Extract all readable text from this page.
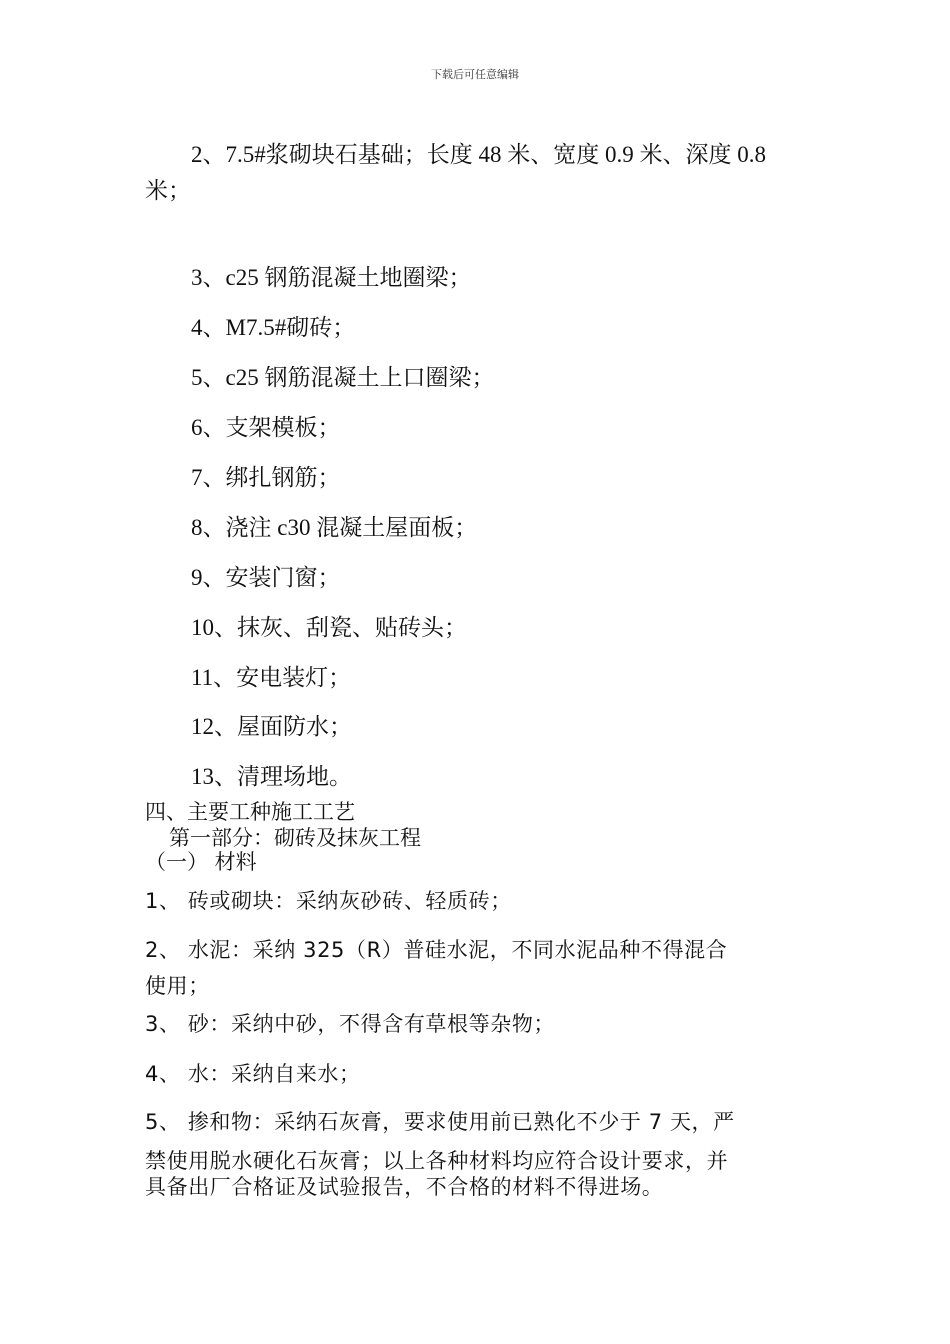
下载后可任意编辑
2、7.5#浆砌块石基础；长度 48 米、宽度 0.9 米、深度 0.8
米；
3、c25 钢筋混凝土地圈梁；
4、M7.5#砌砖；
5、c25 钢筋混凝土上口圈梁；
6、支架模板；
7、绑扎钢筋；
8、浇注 c30 混凝土屋面板；
9、安装门窗；
10、抹灰、刮瓷、贴砖头；
11、安电装灯；
12、屋面防水；
13、清理场地。
四、主要工种施工工艺
第一部分：砌砖及抹灰工程
（一） 材料
1、 砖或砌块：采纳灰砂砖、轻质砖；
2、 水泥：采纳 325（R）普硅水泥，不同水泥品种不得混合
使用；
3、 砂：采纳中砂，不得含有草根等杂物；
4、 水：采纳自来水；
5、 掺和物：采纳石灰膏，要求使用前已熟化不少于 7 天，严
禁使用脱水硬化石灰膏；以上各种材料均应符合设计要求，并
具备出厂合格证及试验报告，不合格的材料不得进场。
